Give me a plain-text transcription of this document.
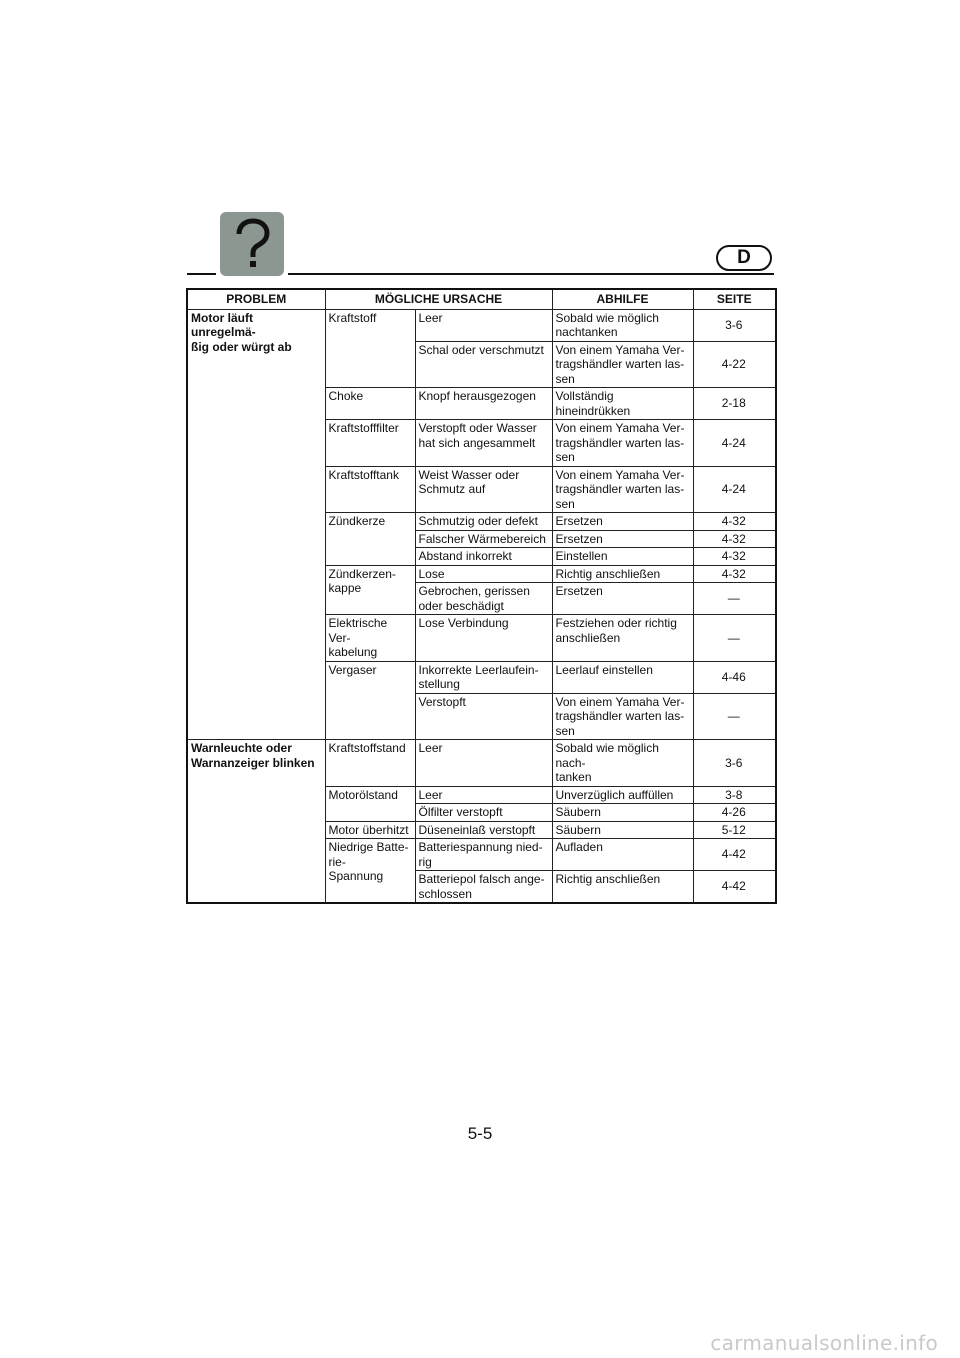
D
PROBLEM	MÖGLICHE URSACHE		ABHILFE	SEITE
Motor läuft unregelmä-
ßig oder würgt ab	Kraftstoff	Leer	Sobald wie möglich
nachtanken	3-6
		Schal oder verschmutzt	Von einem Yamaha Ver-
tragshändler warten las-
sen	4-22
	Choke	Knopf herausgezogen	Vollständig hineindrükken	2-18
	Kraftstofffilter	Verstopft oder Wasser
hat sich angesammelt	Von einem Yamaha Ver-
tragshändler warten las-
sen	4-24
	Kraftstofftank	Weist Wasser oder
Schmutz auf	Von einem Yamaha Ver-
tragshändler warten las-
sen	4-24
	Zündkerze	Schmutzig oder defekt	Ersetzen	4-32
		Falscher Wärmebereich	Ersetzen	4-32
		Abstand inkorrekt	Einstellen	4-32
	Zündkerzen-
kappe	Lose	Richtig anschließen	4-32
		Gebrochen, gerissen
oder beschädigt	Ersetzen	—
	Elektrische Ver-
kabelung	Lose Verbindung	Festziehen oder richtig
anschließen	—
	Vergaser	Inkorrekte Leerlaufein-
stellung	Leerlauf einstellen	4-46
		Verstopft	Von einem Yamaha Ver-
tragshändler warten las-
sen	—
Warnleuchte oder
Warnanzeiger blinken	Kraftstoffstand	Leer	Sobald wie möglich nach-
tanken	3-6
	Motorölstand	Leer	Unverzüglich auffüllen	3-8
		Ölfilter verstopft	Säubern	4-26
	Motor überhitzt	Düseneinlaß verstopft	Säubern	5-12
	Niedrige Batte-
rie-
Spannung	Batteriespannung nied-
rig	Aufladen	4-42
		Batteriepol falsch ange-
schlossen	Richtig anschließen	4-42
5-5
carmanualsonline.info
